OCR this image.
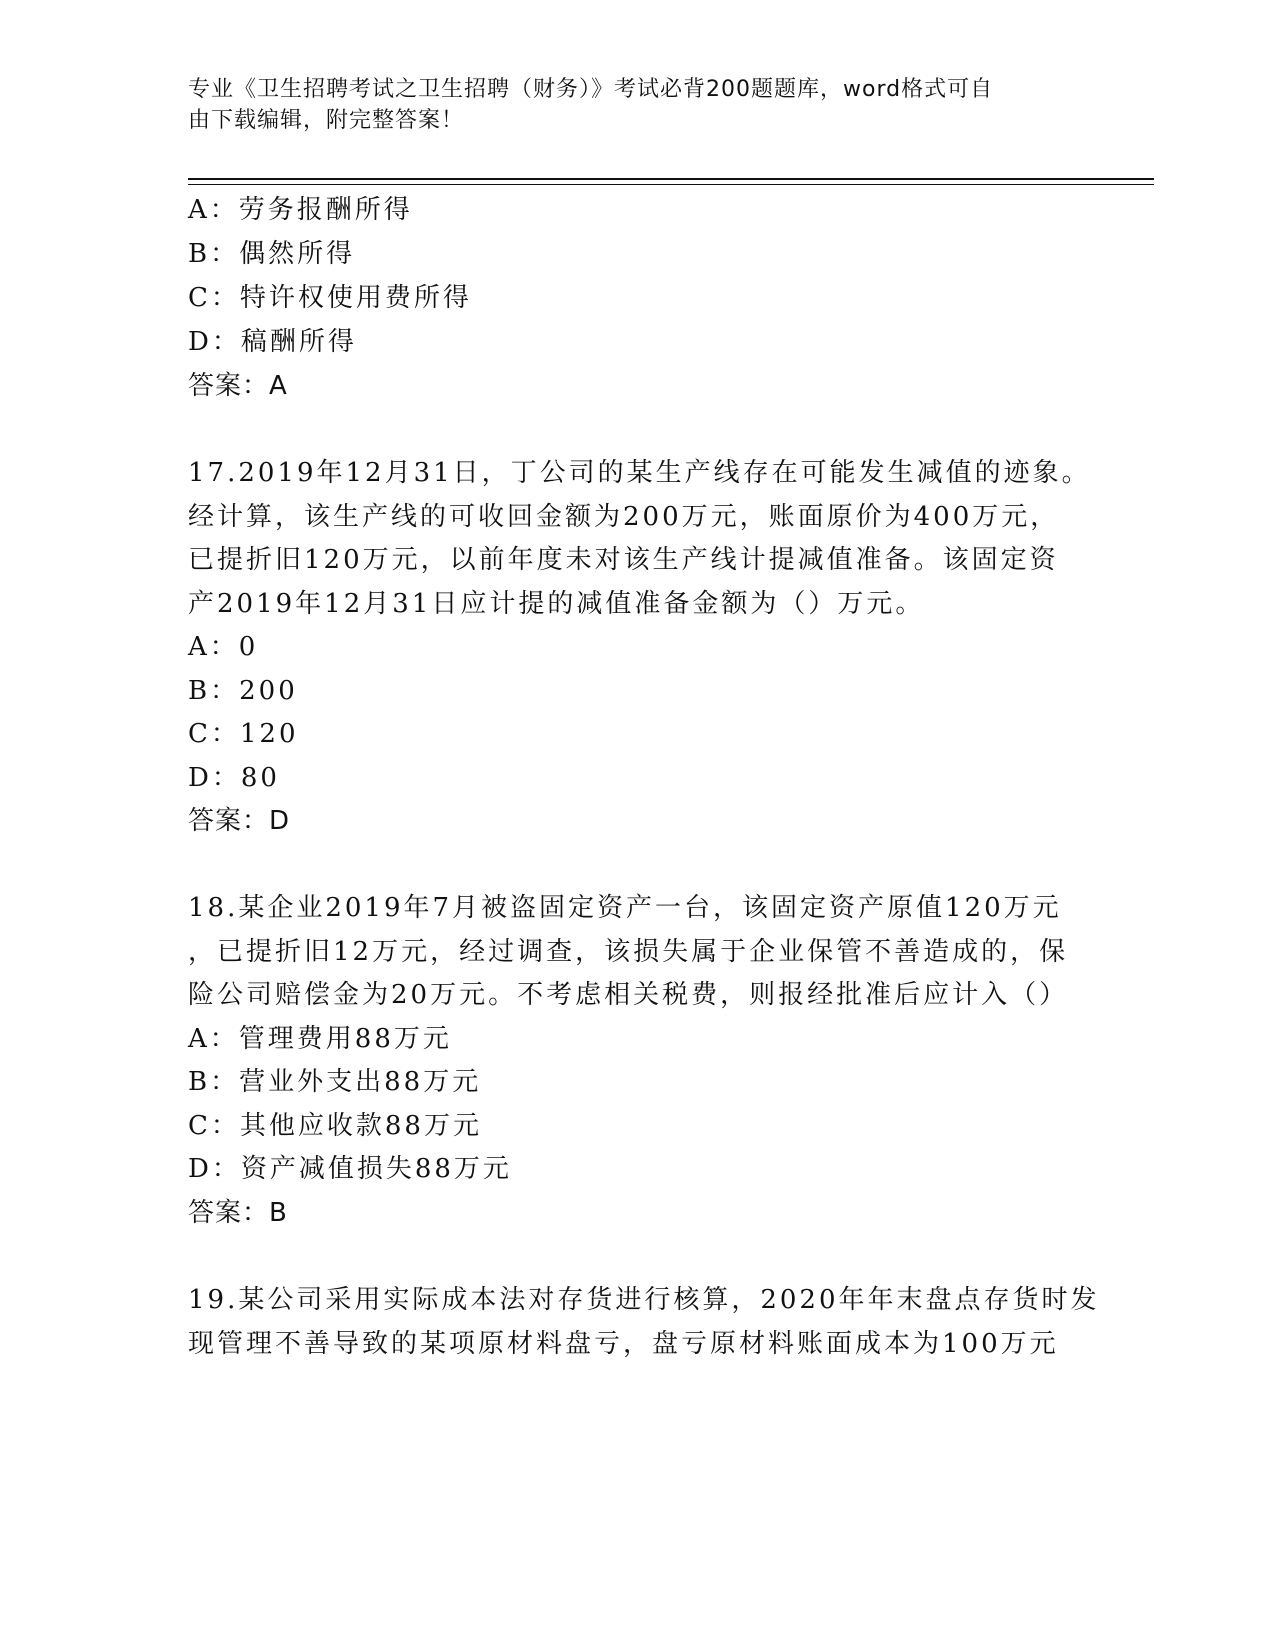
专业《卫生招聘考试之卫生招聘（财务）》考试必背200题题库，word格式可自
由下载编辑，附完整答案！
A：劳务报酬所得
B：偶然所得
C：特许权使用费所得
D：稿酬所得
答案：A
17.2019年12月31日，丁公司的某生产线存在可能发生减值的迹象。
经计算，该生产线的可收回金额为200万元，账面原价为400万元，
已提折旧120万元，以前年度未对该生产线计提减值准备。该固定资
产2019年12月31日应计提的减值准备金额为（）万元。
A：0
B：200
C：120
D：80
答案：D
18.某企业2019年7月被盗固定资产一台，该固定资产原值120万元
，已提折旧12万元，经过调查，该损失属于企业保管不善造成的，保
险公司赔偿金为20万元。不考虑相关税费，则报经批准后应计入（）
A：管理费用88万元
B：营业外支出88万元
C：其他应收款88万元
D：资产减值损失88万元
答案：B
19.某公司采用实际成本法对存货进行核算，2020年年末盘点存货时发
现管理不善导致的某项原材料盘亏，盘亏原材料账面成本为100万元
